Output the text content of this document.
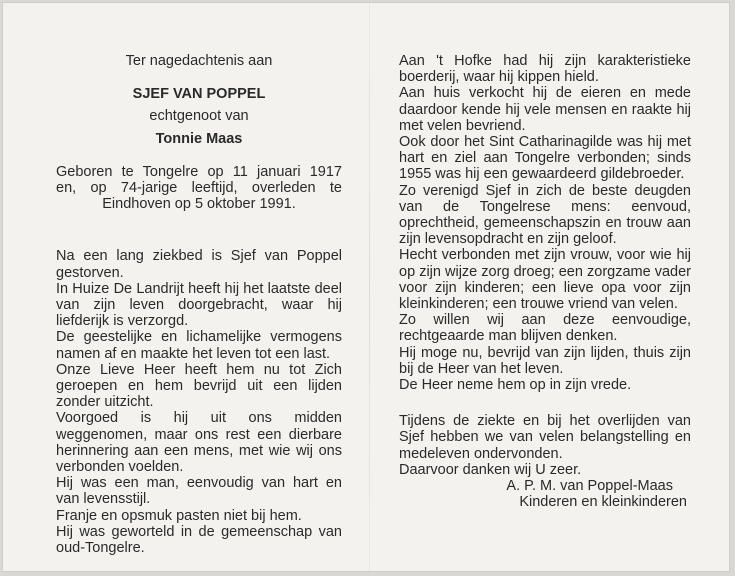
Ter nagedachtenis aan

SJEF VAN POPPEL

echtgenoot van

Tonnie Maas

Geboren te Tongelre op 11 januari 1917

en, op 74-jarige leeftijd, overleden te

Eindhoven op 5 oktober 1991.

Na een lang ziekbed is Sjef van Poppel gestorven.

In Huize De Landrijt heeft hij het laatste deel van zijn leven doorgebracht, waar hij liefderijk is verzorgd.

De geestelijke en lichamelijke vermogens namen af en maakte het leven tot een last.

Onze Lieve Heer heeft hem nu tot Zich geroepen en hem bevrijd uit een lijden zonder uitzicht.

Voorgoed is hij uit ons midden weggenomen, maar ons rest een dierbare herinnering aan een mens, met wie wij ons verbonden voelden.

Hij was een man, eenvoudig van hart en van levensstijl.

Franje en opsmuk pasten niet bij hem.

Hij was geworteld in de gemeenschap van oud-Tongelre.

Aan 't Hofke had hij zijn karakteristieke boerderij, waar hij kippen hield.

Aan huis verkocht hij de eieren en mede daardoor kende hij vele mensen en raakte hij met velen bevriend.

Ook door het Sint Catharinagilde was hij met hart en ziel aan Tongelre verbonden; sinds 1955 was hij een gewaardeerd gildebroeder.

Zo verenigd Sjef in zich de beste deugden van de Tongelrese mens: eenvoud, oprechtheid, gemeenschapszin en trouw aan zijn levensopdracht en zijn geloof.

Hecht verbonden met zijn vrouw, voor wie hij op zijn wijze zorg droeg; een zorgzame vader voor zijn kinderen; een lieve opa voor zijn kleinkinderen; een trouwe vriend van velen.

Zo willen wij aan deze eenvoudige, rechtgeaarde man blijven denken.

Hij moge nu, bevrijd van zijn lijden, thuis zijn bij de Heer van het leven.

De Heer neme hem op in zijn vrede.

Tijdens de ziekte en bij het overlijden van Sjef hebben we van velen belangstelling en medeleven ondervonden.

Daarvoor danken wij U zeer.

A. P. M. van Poppel-Maas

Kinderen en kleinkinderen
